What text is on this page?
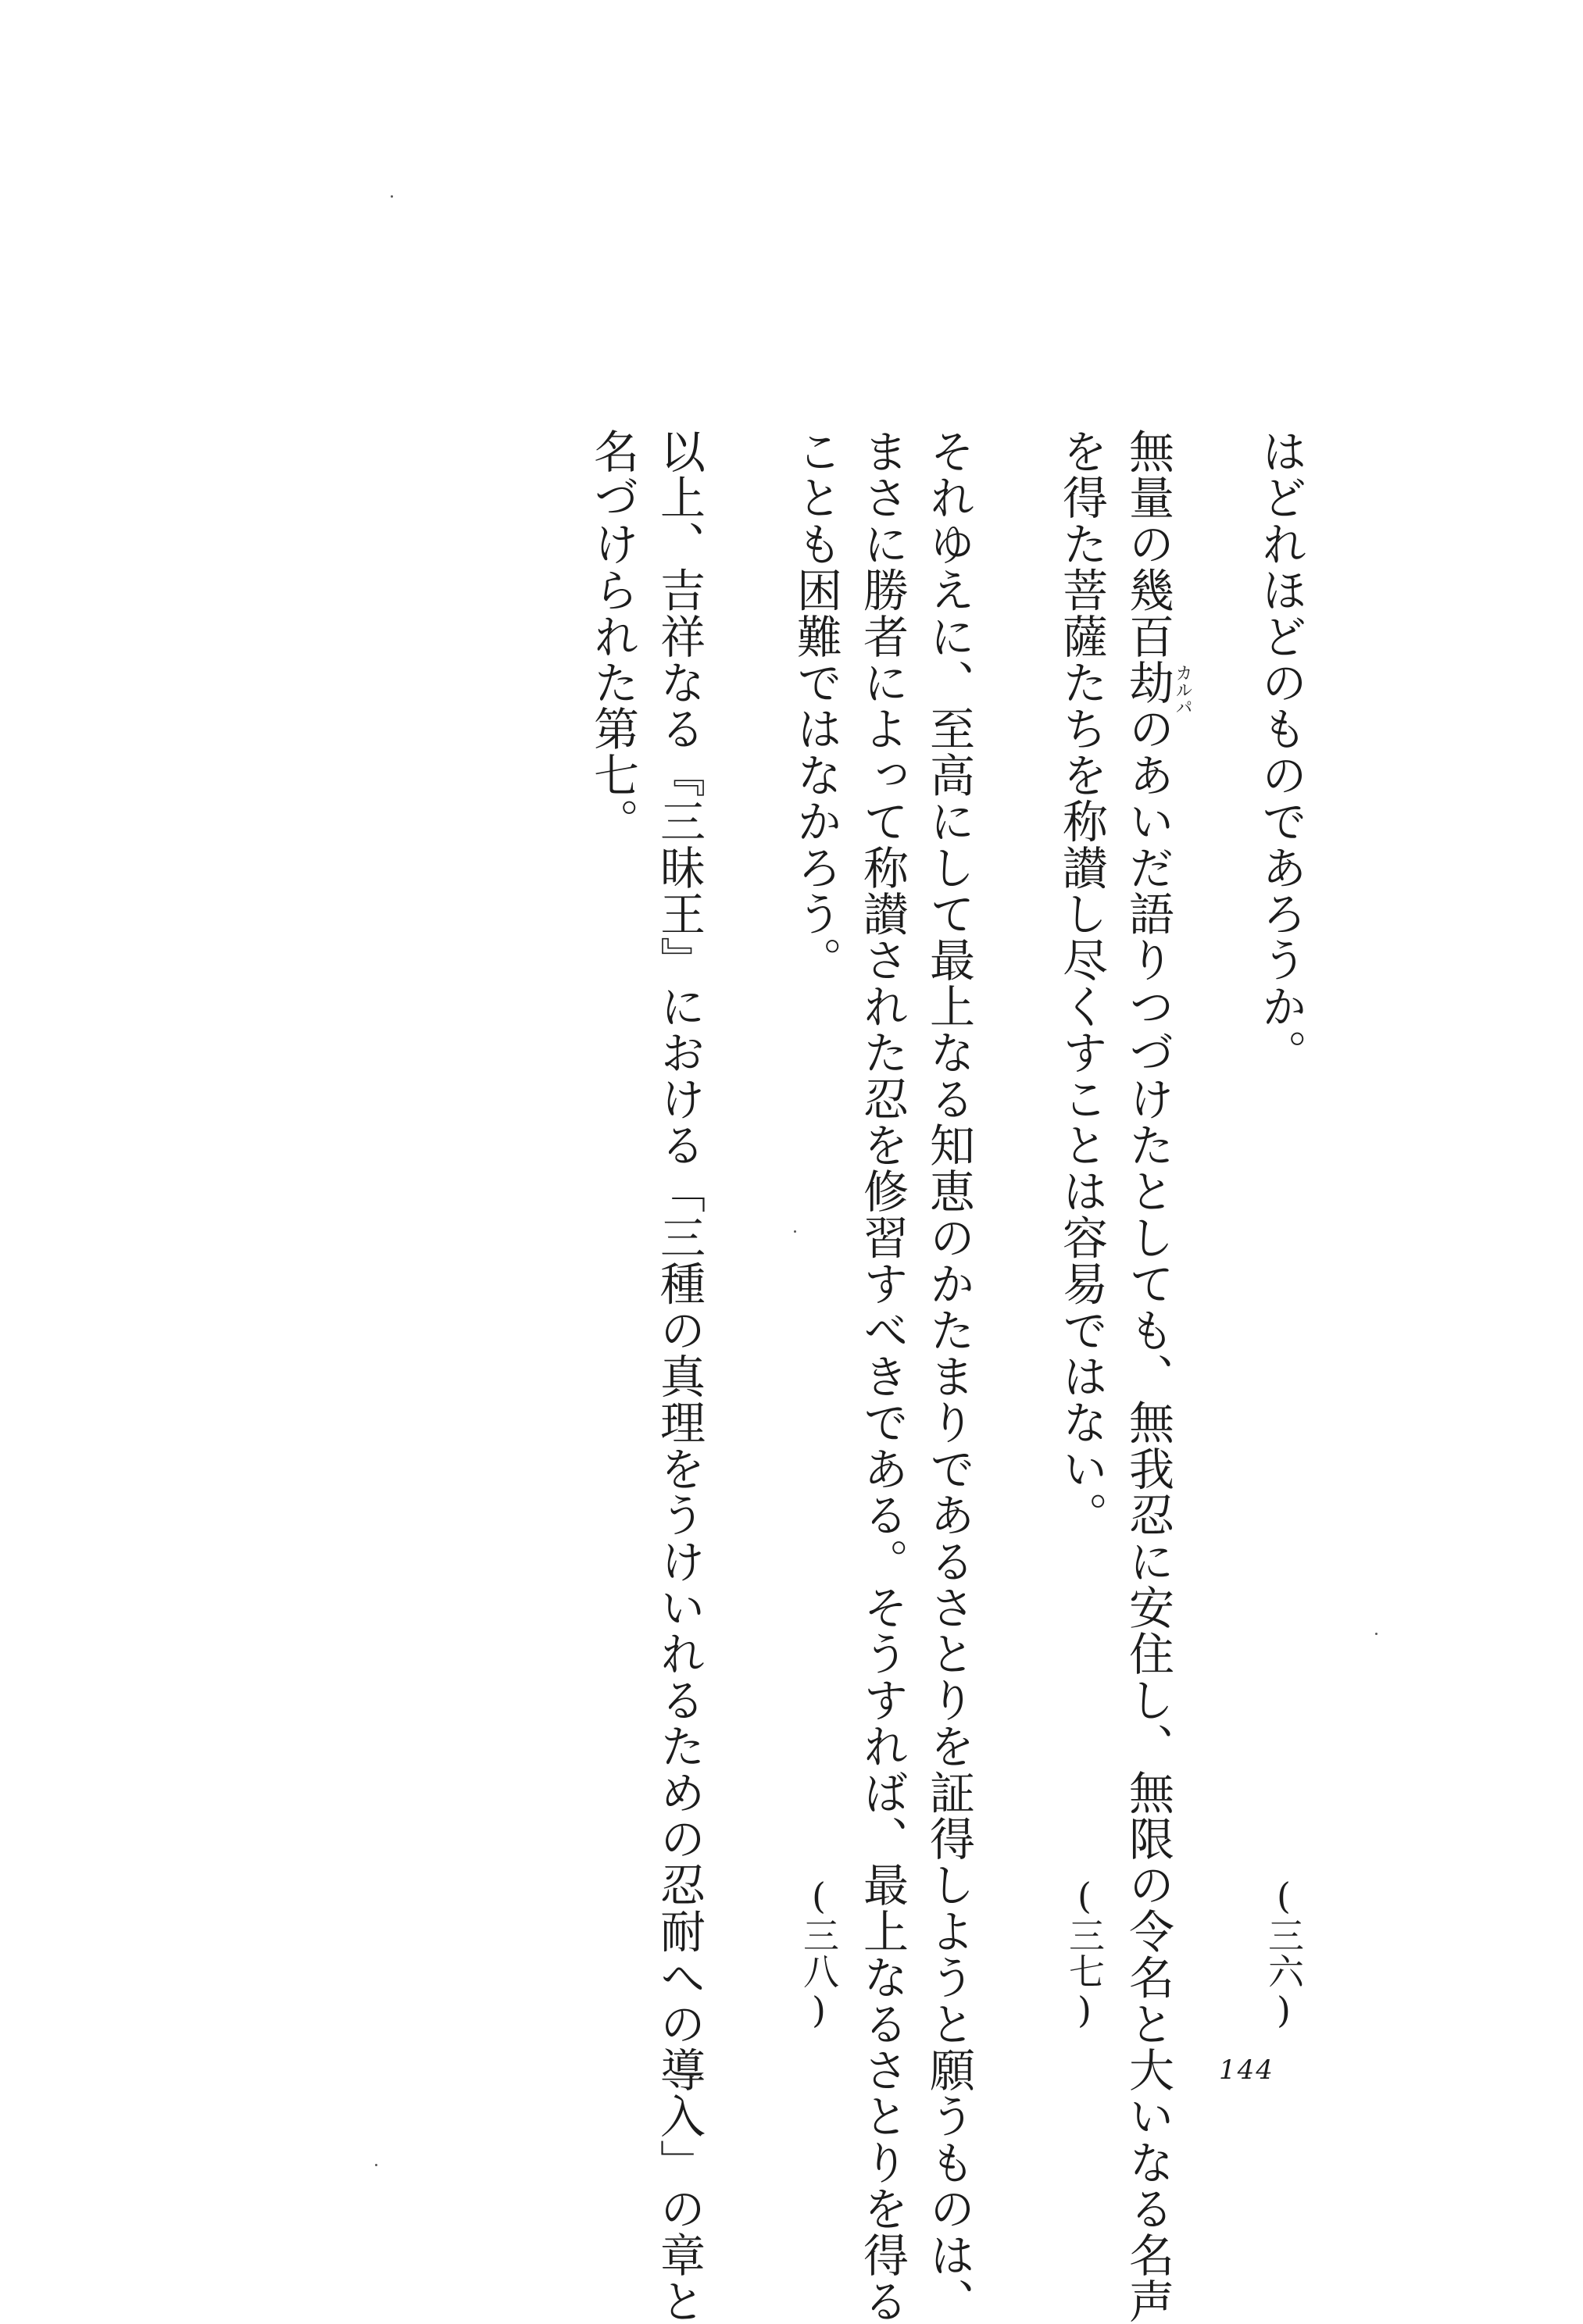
はどれほどのものであろうか。
(三六)
無量の幾百劫のあいだ語りつづけたとしても、無我忍に安住し、無限の令名と大いなる名声
カルパ
を得た菩薩たちを称讃し尽くすことは容易ではない。
(三七)
それゆえに、至高にして最上なる知恵のかたまりであるさとりを証得しようと願うものは、
まさに勝者によって称讃された忍を修習すべきである。そうすれば、最上なるさとりを得る
ことも困難ではなかろう。
(三八)
以上、吉祥なる『三昧王』における「三種の真理をうけいれるための忍耐への導入」の章と
名づけられた第七。
144
